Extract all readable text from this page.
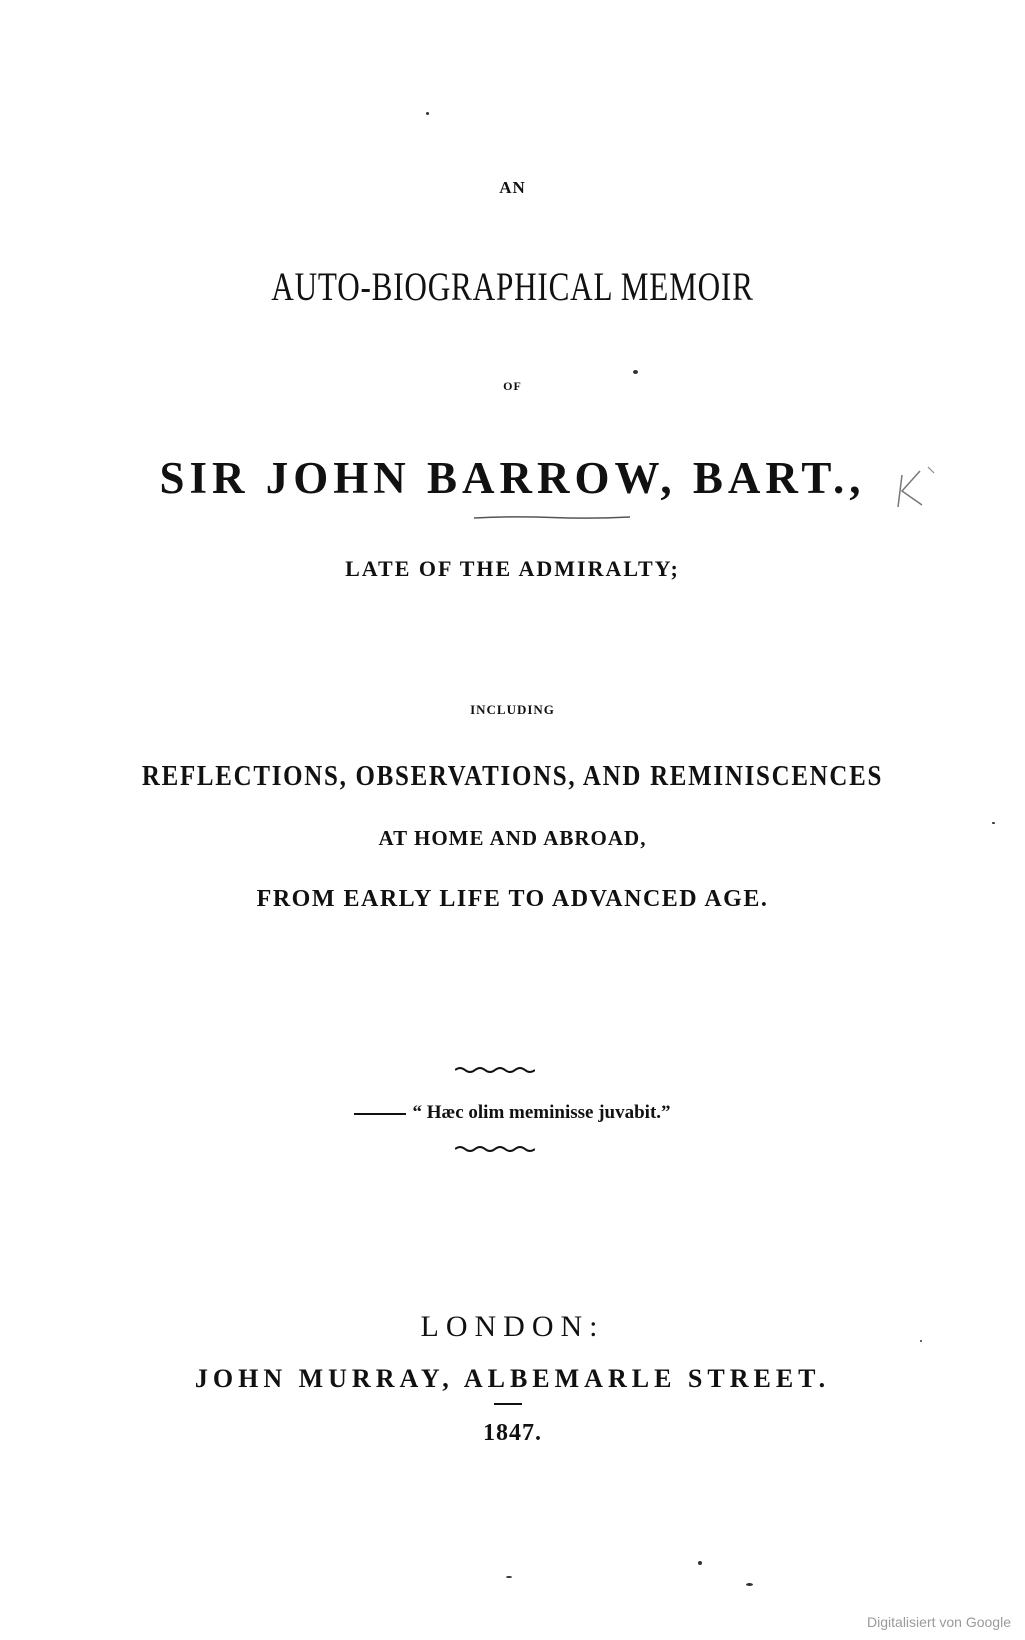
AN
AUTO-BIOGRAPHICAL MEMOIR
OF
SIR JOHN BARROW, BART.,
LATE OF THE ADMIRALTY;
INCLUDING
REFLECTIONS, OBSERVATIONS, AND REMINISCENCES
AT HOME AND ABROAD,
FROM EARLY LIFE TO ADVANCED AGE.
“ Hæc olim meminisse juvabit.”
LONDON:
JOHN MURRAY, ALBEMARLE STREET.
1847.
Digitalisiert von Google
